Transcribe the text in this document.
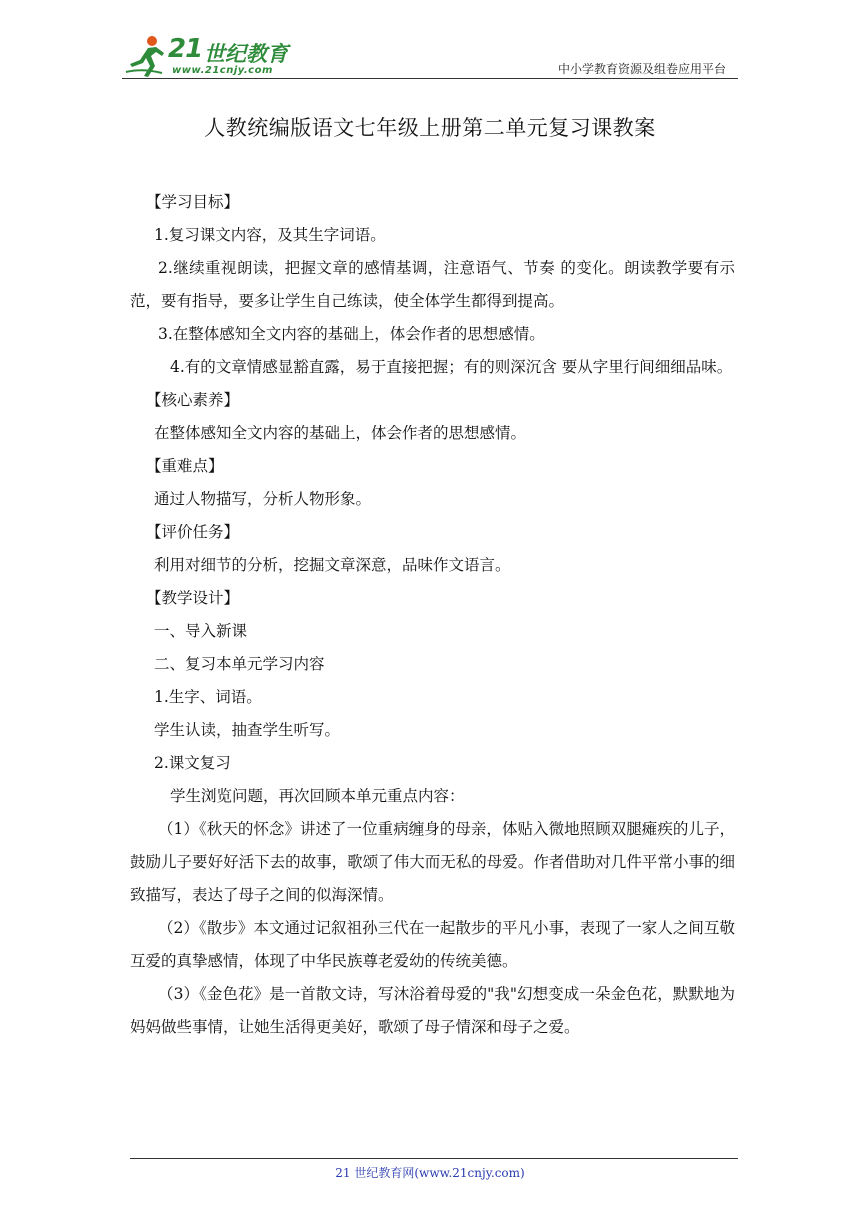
21 世纪教育
www.21cnjy.com	中小学教育资源及组卷应用平台
人教统编版语文七年级上册第二单元复习课教案

【学习目标】

1.复习课文内容，及其生字词语。

2.继续重视朗读，把握文章的感情基调，注意语气、节奏 的变化。朗读教学要有示范，要有指导，要多让学生自己练读，使全体学生都得到提高。

3.在整体感知全文内容的基础上，体会作者的思想感情。

4.有的文章情感显豁直露，易于直接把握；有的则深沉含 要从字里行间细细品味。

【核心素养】

在整体感知全文内容的基础上，体会作者的思想感情。

【重难点】

通过人物描写，分析人物形象。

【评价任务】

利用对细节的分析，挖掘文章深意，品味作文语言。

【教学设计】

一、导入新课

二、复习本单元学习内容

1.生字、词语。

学生认读，抽查学生听写。

2.课文复习

学生浏览问题，再次回顾本单元重点内容：

（1）《秋天的怀念》讲述了一位重病缠身的母亲，体贴入微地照顾双腿瘫疾的儿子，鼓励儿子要好好活下去的故事，歌颂了伟大而无私的母爱。作者借助对几件平常小事的细致描写，表达了母子之间的似海深情。

（2）《散步》本文通过记叙祖孙三代在一起散步的平凡小事，表现了一家人之间互敬互爱的真挚感情，体现了中华民族尊老爱幼的传统美德。

（3）《金色花》是一首散文诗，写沐浴着母爱的"我"幻想变成一朵金色花，默默地为妈妈做些事情，让她生活得更美好，歌颂了母子情深和母子之爱。

21 世纪教育网(www.21cnjy.com)
